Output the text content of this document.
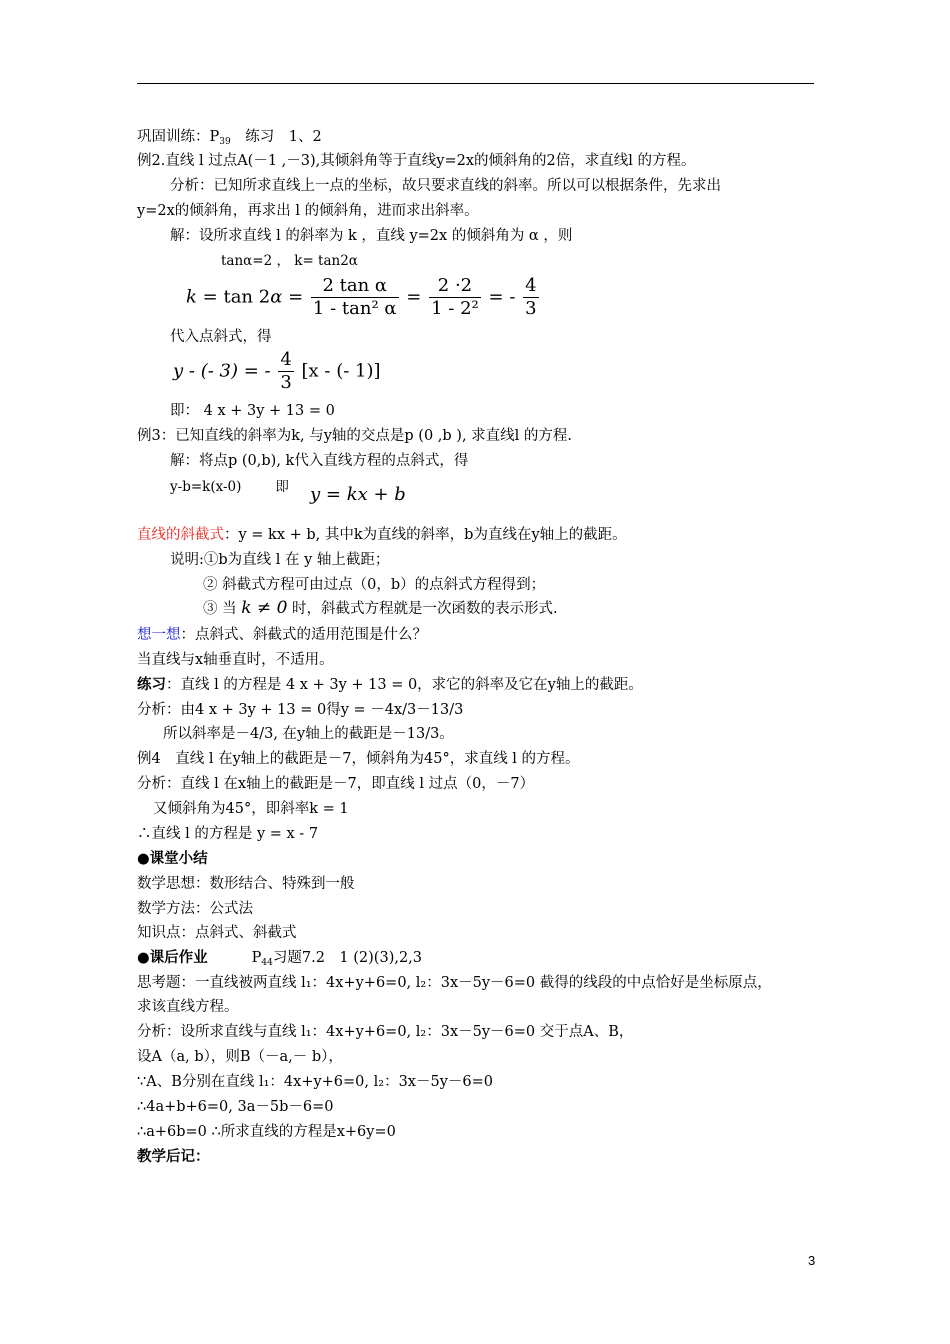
巩固训练：$P_{39}$　练习　1、2
例2.直线 l 过点A(－1 ,－3),其倾斜角等于直线y=2x的倾斜角的2倍，求直线l 的方程。
分析：已知所求直线上一点的坐标，故只要求直线的斜率。所以可以根据条件，先求出
y=2x的倾斜角，再求出 l 的倾斜角，进而求出斜率。
解：设所求直线 l 的斜率为 k ，直线 y=2x 的倾斜角为 α ，则
tanα=2 ， k= tan2α
$k = \tan 2\alpha = \frac{\text{2 tan α}}{\text{1 - tan² α}} = \frac{2 \cdot 2}{\text{1 - 2²}}$ = - $\frac{4}{3}$
代入点斜式，得
y - (- 3) = - $\frac{4}{3} [x$ - (- 1)]
即： 4 x + 3y + 13 = 0
例3：已知直线的斜率为k, 与y轴的交点是p (0 ,b ), 求直线l 的方程.
解：将点p (0,b), k代入直线方程的点斜式，得
y-b=k(x-0)	即 y = kx + b
直线的斜截式：y = kx + b, 其中k为直线的斜率，b为直线在y轴上的截距。
说明:①b为直线 l 在 y 轴上截距；
② 斜截式方程可由过点（0，b）的点斜式方程得到；
③ 当 k ≠ 0 时，斜截式方程就是一次函数的表示形式.
想一想：点斜式、斜截式的适用范围是什么？
当直线与x轴垂直时，不适用。
练习：直线 l 的方程是 4 x + 3y + 13 = 0，求它的斜率及它在y轴上的截距。
分析：由4 x + 3y + 13 = 0得y = －4x/3－13/3
所以斜率是－4/3, 在y轴上的截距是－13/3。
例4　直线 l 在y轴上的截距是－7，倾斜角为45°，求直线 l 的方程。
分析：直线 l 在x轴上的截距是－7，即直线 l 过点（0，－7）
又倾斜角为45°，即斜率k = 1
∴直线 l 的方程是 y = x - 7
●课堂小结
数学思想：数形结合、特殊到一般
数学方法：公式法
知识点：点斜式、斜截式
●课后作业	$P_{44}$习题7.2　1 (2)(3),2,3
思考题：一直线被两直线 l₁：4x+y+6=0, l₂：3x－5y－6=0 截得的线段的中点恰好是坐标原点，
求该直线方程。
分析：设所求直线与直线 l₁：4x+y+6=0, l₂：3x－5y－6=0 交于点A、B，
设A（a, b），则B（－a,－ b），
∵A、B分别在直线 l₁：4x+y+6=0, l₂：3x－5y－6=0
∴4a+b+6=0, 3a－5b－6=0
∴a+6b=0 ∴所求直线的方程是x+6y=0
教学后记：
3
